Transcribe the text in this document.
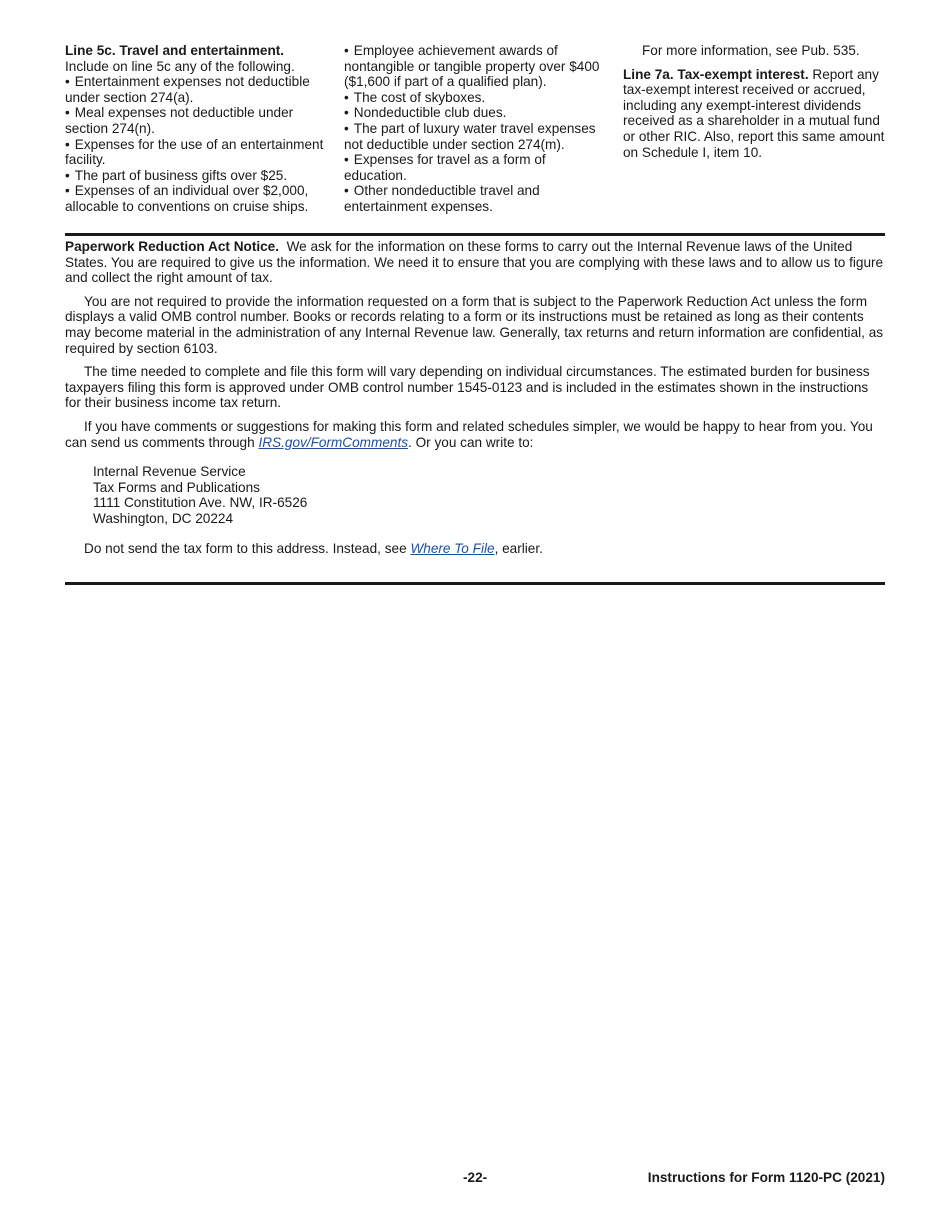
Line 5c. Travel and entertainment.

Include on line 5c any of the following.

• Entertainment expenses not deductible under section 274(a).

• Meal expenses not deductible under section 274(n).

• Expenses for the use of an entertainment facility.

• The part of business gifts over $25.

• Expenses of an individual over $2,000, allocable to conventions on cruise ships.

• Employee achievement awards of nontangible or tangible property over $400 ($1,600 if part of a qualified plan).

• The cost of skyboxes.

• Nondeductible club dues.

• The part of luxury water travel expenses not deductible under section 274(m).

• Expenses for travel as a form of education.

• Other nondeductible travel and entertainment expenses.

For more information, see Pub. 535.

Line 7a. Tax-exempt interest. Report any tax-exempt interest received or accrued, including any exempt-interest dividends received as a shareholder in a mutual fund or other RIC. Also, report this same amount on Schedule I, item 10.

Paperwork Reduction Act Notice. We ask for the information on these forms to carry out the Internal Revenue laws of the United States. You are required to give us the information. We need it to ensure that you are complying with these laws and to allow us to figure and collect the right amount of tax.

You are not required to provide the information requested on a form that is subject to the Paperwork Reduction Act unless the form displays a valid OMB control number. Books or records relating to a form or its instructions must be retained as long as their contents may become material in the administration of any Internal Revenue law. Generally, tax returns and return information are confidential, as required by section 6103.

The time needed to complete and file this form will vary depending on individual circumstances. The estimated burden for business taxpayers filing this form is approved under OMB control number 1545-0123 and is included in the estimates shown in the instructions for their business income tax return.

If you have comments or suggestions for making this form and related schedules simpler, we would be happy to hear from you. You can send us comments through IRS.gov/FormComments. Or you can write to:

Internal Revenue Service
Tax Forms and Publications
1111 Constitution Ave. NW, IR-6526
Washington, DC 20224

Do not send the tax form to this address. Instead, see Where To File, earlier.

-22-	Instructions for Form 1120-PC (2021)
